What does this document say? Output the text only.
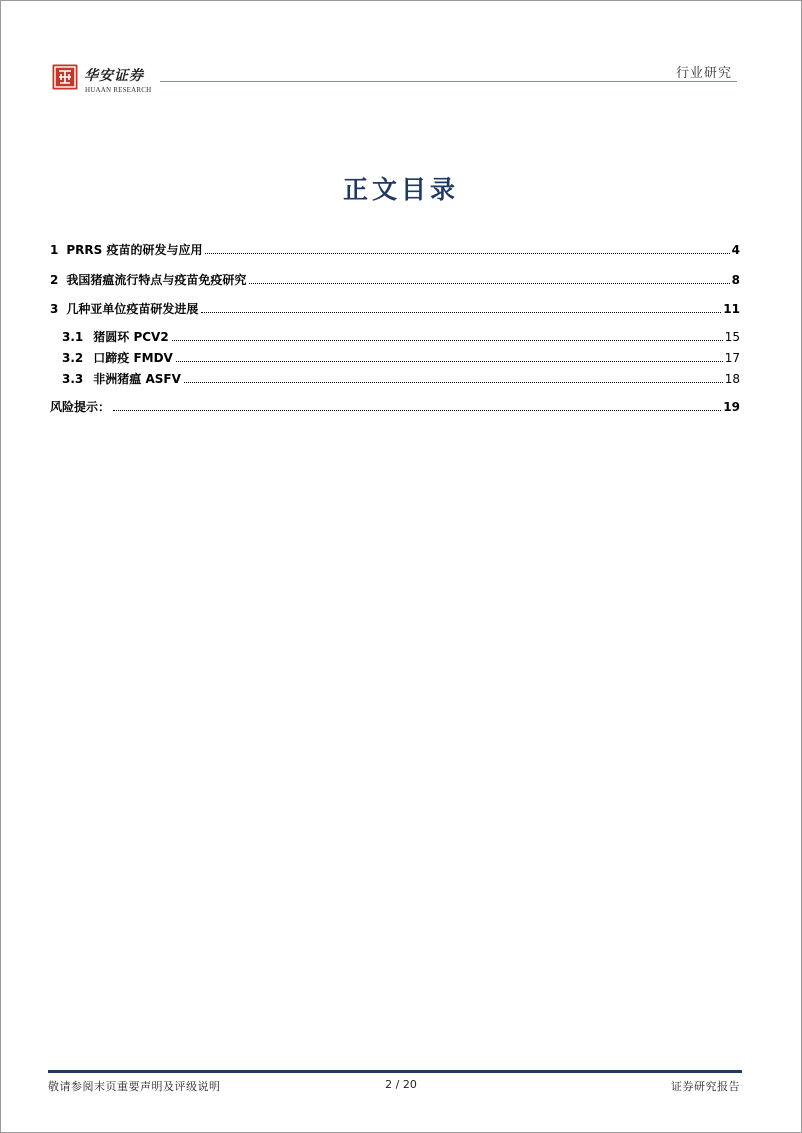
华安证券
HUAAN RESEARCH
行业研究
正文目录
1 PRRS 疫苗的研发与应用	4
2 我国猪瘟流行特点与疫苗免疫研究	8
3 几种亚单位疫苗研发进展	11
3.1 猪圆环 PCV2	15
3.2 口蹄疫 FMDV	17
3.3 非洲猪瘟 ASFV	18
风险提示：	19
敬请参阅末页重要声明及评级说明	2 / 20	证券研究报告
